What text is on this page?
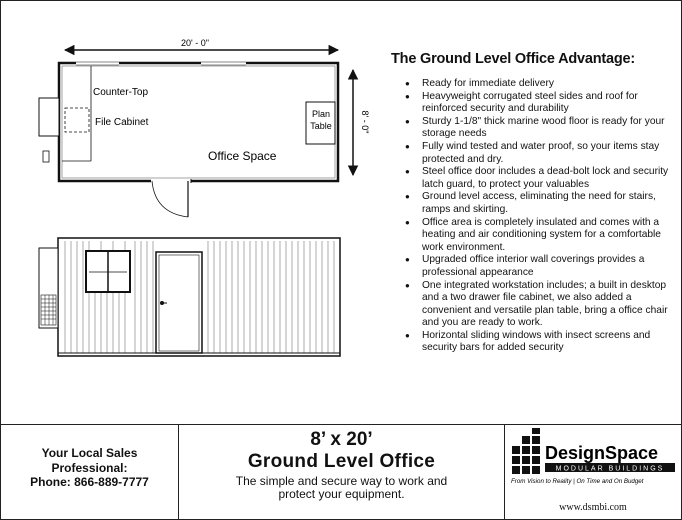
20' - 0"
8' - 0"
Counter-Top
File Cabinet
Plan
Table
Office Space
The Ground Level Office Advantage:
● Ready for immediate delivery
● Heavyweight corrugated steel sides and roof for reinforced security and durability
● Sturdy 1-1/8" thick marine wood floor is ready for your storage needs
● Fully wind tested and water proof, so your items stay protected and dry.
● Steel office door includes a dead-bolt lock and security latch guard, to protect your valuables
● Ground level access, eliminating the need for stairs, ramps and skirting.
● Office area is completely insulated and comes with a heating and air conditioning system for a comfortable work environment.
● Upgraded office interior wall coverings provides a professional appearance
● One integrated workstation includes; a built in desktop and a two drawer file cabinet, we also added a convenient and versatile plan table, bring a office chair and you are ready to work.
● Horizontal sliding windows with insect screens and security bars for added security
Your Local Sales
Professional:
Phone: 866-889-7777
8’ x 20’
Ground Level Office
The simple and secure way to work and
protect your equipment.
DesignSpace
MODULAR BUILDINGS
From Vision to Reality | On Time and On Budget
www.dsmbi.com
